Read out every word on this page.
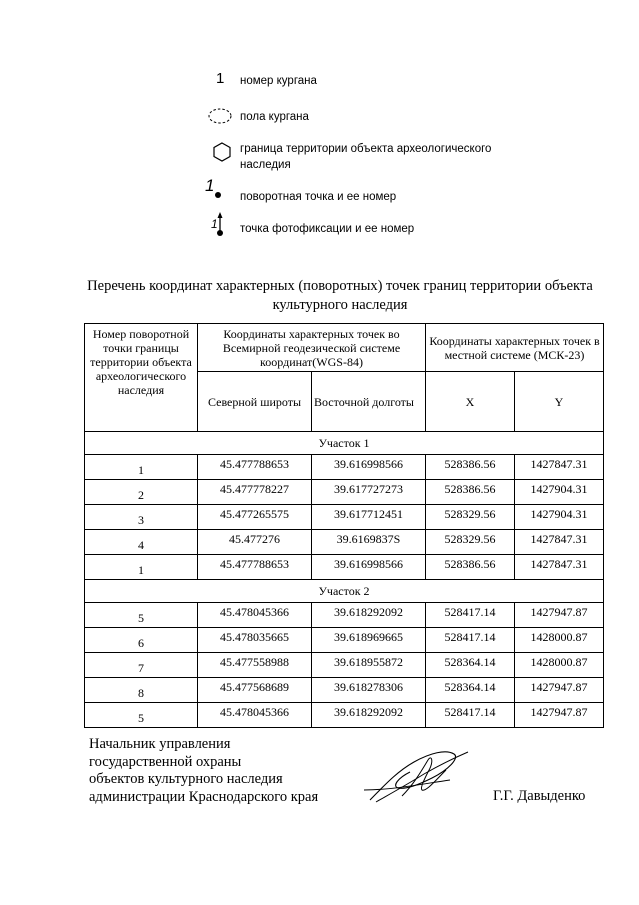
1 номер кургана
пола кургана
граница территории объекта археологического наследия
1
поворотная точка и ее номер
1 точка фотофиксации и ее номер
Перечень координат характерных (поворотных) точек границ территории объекта культурного наследия
Номер поворотной точки границы территории объекта археологического наследия	Координаты характерных точек во Всемирной геодезической системе координат(WGS-84)		Координаты характерных точек в местной системе (МСК-23)	
	Северной широты	Восточной долготы	X	Y
Участок 1				
1	45.477788653	39.616998566	528386.56	1427847.31
2	45.477778227	39.617727273	528386.56	1427904.31
3	45.477265575	39.617712451	528329.56	1427904.31
4	45.477276	39.6169837S	528329.56	1427847.31
1	45.477788653	39.616998566	528386.56	1427847.31
Участок 2				
5	45.478045366	39.618292092	528417.14	1427947.87
6	45.478035665	39.618969665	528417.14	1428000.87
7	45.477558988	39.618955872	528364.14	1428000.87
8	45.477568689	39.618278306	528364.14	1427947.87
5	45.478045366	39.618292092	528417.14	1427947.87
Начальник управления
государственной охраны
объектов культурного наследия
администрации Краснодарского края	Г.Г. Давыденко
